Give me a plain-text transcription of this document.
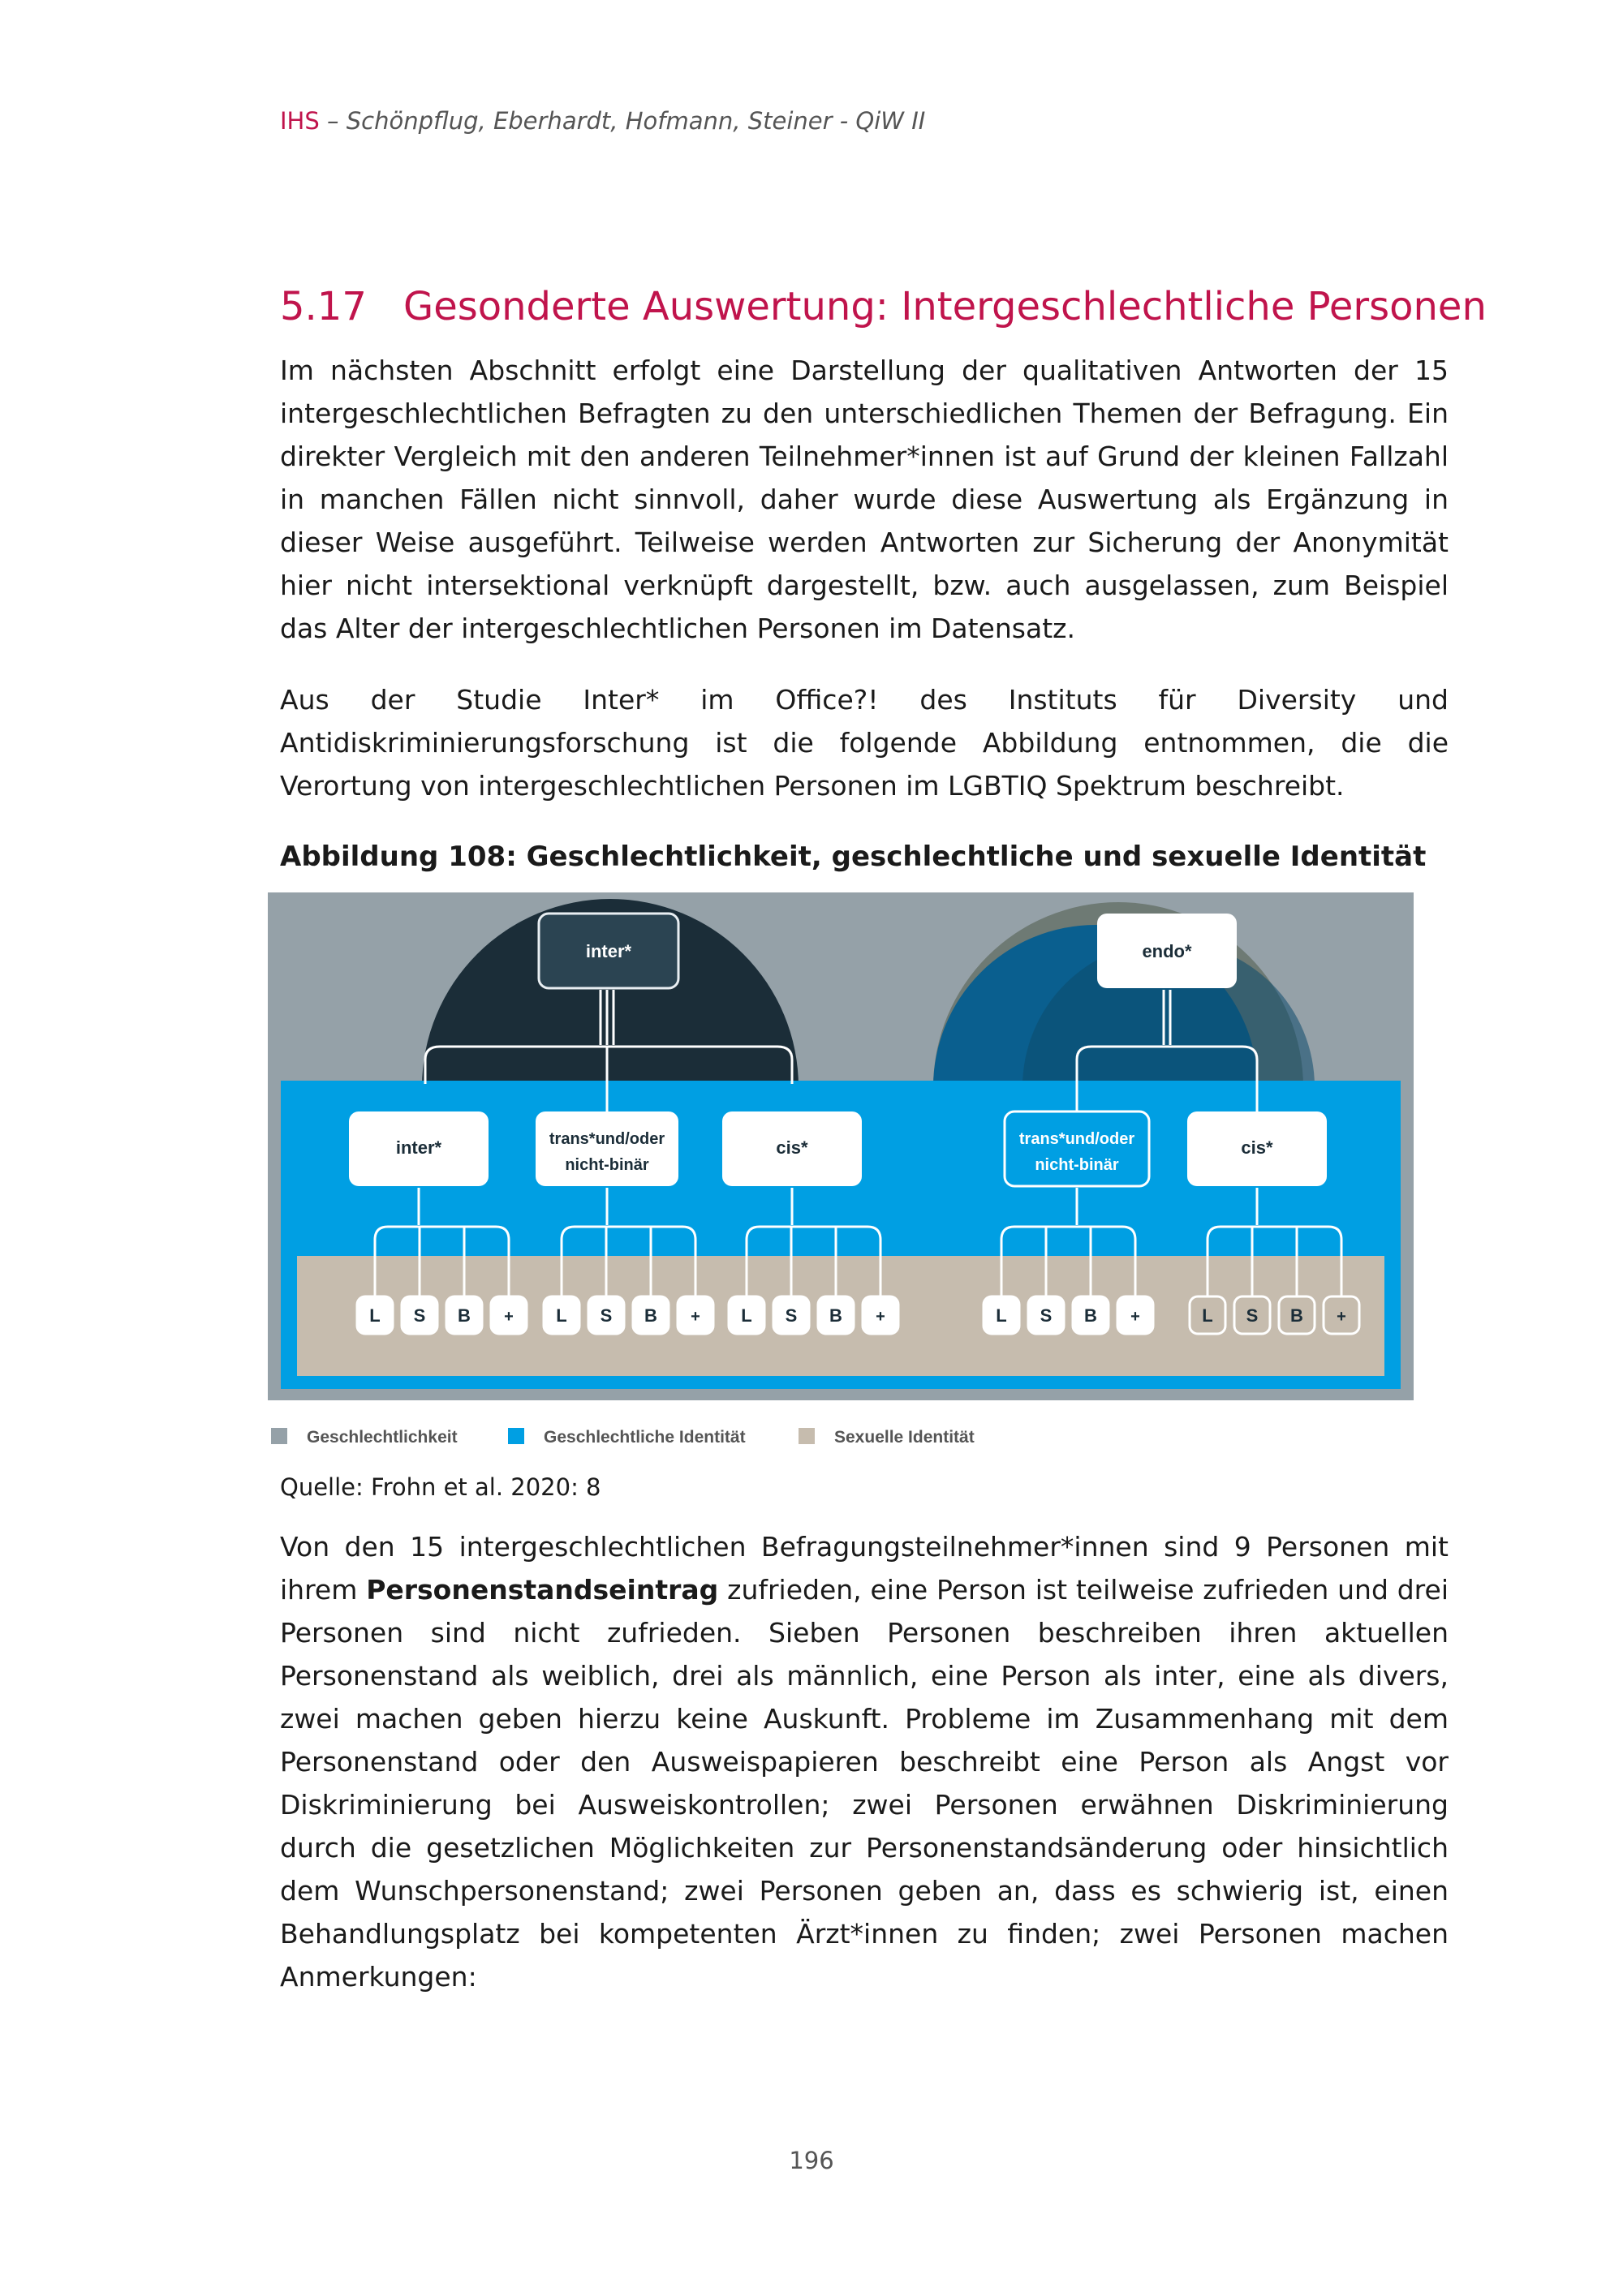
IHS – Schönpflug, Eberhardt, Hofmann, Steiner - QiW II
5.17 Gesonderte Auswertung: Intergeschlechtliche Personen

Im nächsten Abschnitt erfolgt eine Darstellung der qualitativen Antworten der 15 intergeschlechtlichen Befragten zu den unterschiedlichen Themen der Befragung. Ein direkter Vergleich mit den anderen Teilnehmer*innen ist auf Grund der kleinen Fallzahl in manchen Fällen nicht sinnvoll, daher wurde diese Auswertung als Ergänzung in dieser Weise ausgeführt. Teilweise werden Antworten zur Sicherung der Anonymität hier nicht intersektional verknüpft dargestellt, bzw. auch ausgelassen, zum Beispiel das Alter der intergeschlechtlichen Personen im Datensatz.

Aus der Studie Inter* im Office?! des Instituts für Diversity und Antidiskriminierungsforschung ist die folgende Abbildung entnommen, die die Verortung von intergeschlechtlichen Personen im LGBTIQ Spektrum beschreibt.

Abbildung 108: Geschlechtlichkeit, geschlechtliche und sexuelle Identität

inter*	endo*
inter*	trans*und/oder
nicht-binär
cis*	trans*und/oder
nicht-binär
cis*
L S B + L S B + L S B +	L S B +	L S B +
Geschlechtlichkeit	Geschlechtliche Identität	Sexuelle Identität
Quelle: Frohn et al. 2020: 8

Von den 15 intergeschlechtlichen Befragungsteilnehmer*innen sind 9 Personen mit ihrem Personenstandseintrag zufrieden, eine Person ist teilweise zufrieden und drei Personen sind nicht zufrieden. Sieben Personen beschreiben ihren aktuellen Personenstand als weiblich, drei als männlich, eine Person als inter, eine als divers, zwei machen geben hierzu keine Auskunft. Probleme im Zusammenhang mit dem Personenstand oder den Ausweispapieren beschreibt eine Person als Angst vor Diskriminierung bei Ausweiskontrollen; zwei Personen erwähnen Diskriminierung durch die gesetzlichen Möglichkeiten zur Personenstandsänderung oder hinsichtlich dem Wunschpersonenstand; zwei Personen geben an, dass es schwierig ist, einen Behandlungsplatz bei kompetenten Ärzt*innen zu finden; zwei Personen machen Anmerkungen:

196
